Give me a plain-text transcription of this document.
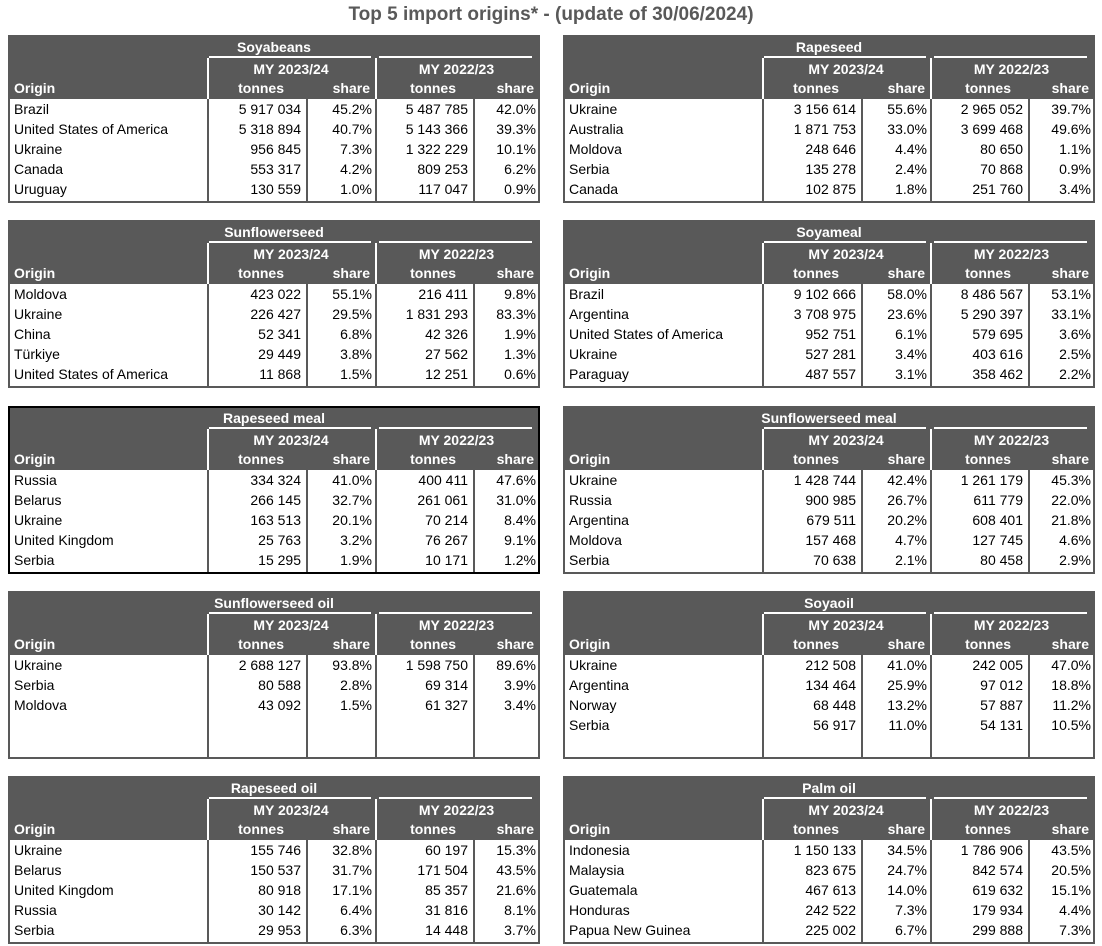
Top 5 import origins* - (update of 30/06/2024)
Soyabeans
MY 2023/24	MY 2022/23
Origin	tonnes	share	tonnes	share
Brazil	5 917 034	45.2%	5 487 785	42.0%
United States of America	5 318 894	40.7%	5 143 366	39.3%
Ukraine	956 845	7.3%	1 322 229	10.1%
Canada	553 317	4.2%	809 253	6.2%
Uruguay	130 559	1.0%	117 047	0.9%
Rapeseed
MY 2023/24	MY 2022/23
Origin	tonnes	share	tonnes	share
Ukraine	3 156 614	55.6%	2 965 052	39.7%
Australia	1 871 753	33.0%	3 699 468	49.6%
Moldova	248 646	4.4%	80 650	1.1%
Serbia	135 278	2.4%	70 868	0.9%
Canada	102 875	1.8%	251 760	3.4%
Sunflowerseed
MY 2023/24	MY 2022/23
Origin	tonnes	share	tonnes	share
Moldova	423 022	55.1%	216 411	9.8%
Ukraine	226 427	29.5%	1 831 293	83.3%
China	52 341	6.8%	42 326	1.9%
Türkiye	29 449	3.8%	27 562	1.3%
United States of America	11 868	1.5%	12 251	0.6%
Soyameal
MY 2023/24	MY 2022/23
Origin	tonnes	share	tonnes	share
Brazil	9 102 666	58.0%	8 486 567	53.1%
Argentina	3 708 975	23.6%	5 290 397	33.1%
United States of America	952 751	6.1%	579 695	3.6%
Ukraine	527 281	3.4%	403 616	2.5%
Paraguay	487 557	3.1%	358 462	2.2%
Rapeseed meal
MY 2023/24	MY 2022/23
Origin	tonnes	share	tonnes	share
Russia	334 324	41.0%	400 411	47.6%
Belarus	266 145	32.7%	261 061	31.0%
Ukraine	163 513	20.1%	70 214	8.4%
United Kingdom	25 763	3.2%	76 267	9.1%
Serbia	15 295	1.9%	10 171	1.2%
Sunflowerseed meal
MY 2023/24	MY 2022/23
Origin	tonnes	share	tonnes	share
Ukraine	1 428 744	42.4%	1 261 179	45.3%
Russia	900 985	26.7%	611 779	22.0%
Argentina	679 511	20.2%	608 401	21.8%
Moldova	157 468	4.7%	127 745	4.6%
Serbia	70 638	2.1%	80 458	2.9%
Sunflowerseed oil
MY 2023/24	MY 2022/23
Origin	tonnes	share	tonnes	share
Ukraine	2 688 127	93.8%	1 598 750	89.6%
Serbia	80 588	2.8%	69 314	3.9%
Moldova	43 092	1.5%	61 327	3.4%
Soyaoil
MY 2023/24	MY 2022/23
Origin	tonnes	share	tonnes	share
Ukraine	212 508	41.0%	242 005	47.0%
Argentina	134 464	25.9%	97 012	18.8%
Norway	68 448	13.2%	57 887	11.2%
Serbia	56 917	11.0%	54 131	10.5%
Rapeseed oil
MY 2023/24	MY 2022/23
Origin	tonnes	share	tonnes	share
Ukraine	155 746	32.8%	60 197	15.3%
Belarus	150 537	31.7%	171 504	43.5%
United Kingdom	80 918	17.1%	85 357	21.6%
Russia	30 142	6.4%	31 816	8.1%
Serbia	29 953	6.3%	14 448	3.7%
Palm oil
MY 2023/24	MY 2022/23
Origin	tonnes	share	tonnes	share
Indonesia	1 150 133	34.5%	1 786 906	43.5%
Malaysia	823 675	24.7%	842 574	20.5%
Guatemala	467 613	14.0%	619 632	15.1%
Honduras	242 522	7.3%	179 934	4.4%
Papua New Guinea	225 002	6.7%	299 888	7.3%
